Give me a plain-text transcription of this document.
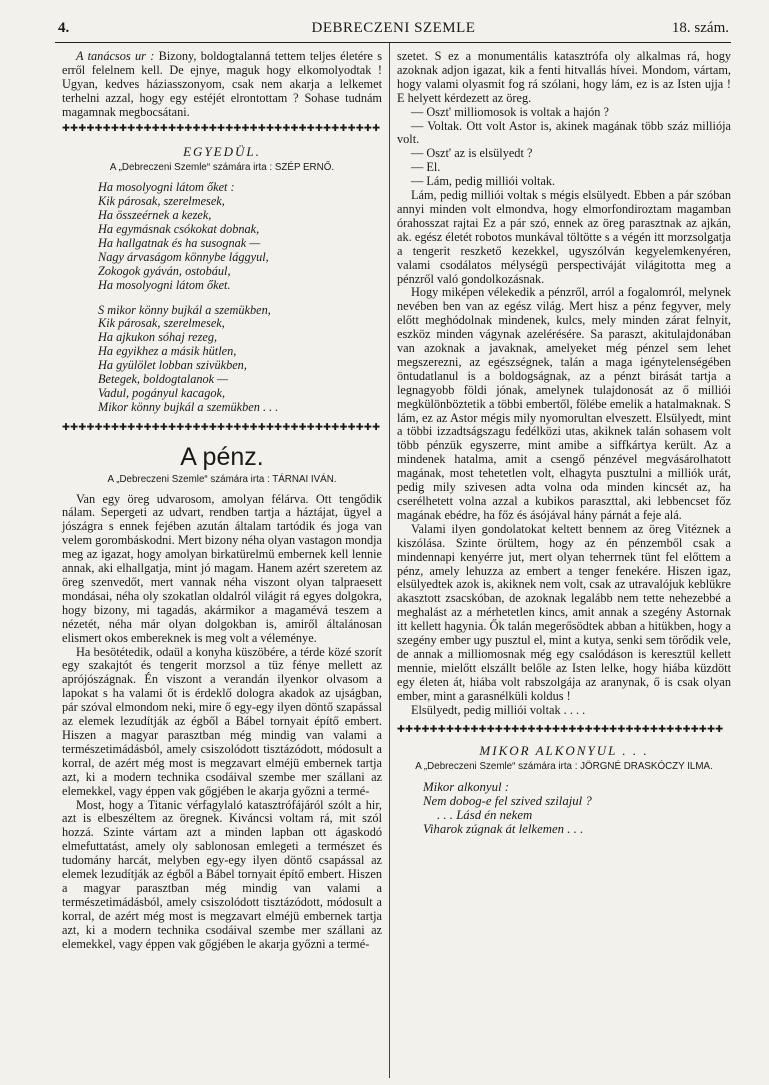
4.	DEBRECZENI SZEMLE	18. szám.

A tanácsos ur : Bizony, boldogtalanná tettem teljes életére s erről felelnem kell. De ejnye, maguk hogy elkomolyodtak ! Ugyan, kedves háziasszonyom, csak nem akarja a lelkemet terhelni azzal, hogy egy estéjét elrontottam ? Sohase tudnám magamnak megbocsátani.

✚✚✚✚✚✚✚✚✚✚✚✚✚✚✚✚✚✚✚✚✚✚✚✚✚✚✚✚✚✚✚✚✚✚✚✚✚✚✚
EGYEDÜL.
A „Debreczeni Szemle“ számára irta : SZÉP ERNŐ.
Ha mosolyogni látom őket :
Kik párosak, szerelmesek,
Ha összeérnek a kezek,
Ha egymásnak csókokat dobnak,
Ha hallgatnak és ha susognak —
Nagy árvaságom könnybe lággyul,
Zokogok gyáván, ostobául,
Ha mosolyogni látom őket.
S mikor könny bujkál a szemükben,
Kik párosak, szerelmesek,
Ha ajkukon sóhaj rezeg,
Ha egyikhez a másik hütlen,
Ha gyülölet lobban szivükben,
Betegek, boldogtalanok —
Vadul, pogányul kacagok,
Mikor könny bujkál a szemükben . . .
✚✚✚✚✚✚✚✚✚✚✚✚✚✚✚✚✚✚✚✚✚✚✚✚✚✚✚✚✚✚✚✚✚✚✚✚✚✚✚
A pénz.
A „Debreczeni Szemle“ számára irta : TÁRNAI IVÁN.

Van egy öreg udvarosom, amolyan félárva. Ott tengődik nálam. Sepergeti az udvart, rendben tartja a háztájat, ügyel a jószágra s ennek fejében azután általam tartódik és joga van velem gorombáskodni. Mert bizony néha olyan vastagon mondja meg az igazat, hogy amolyan birkatürelmü embernek kell lennie annak, aki elhallgatja, mint jó magam. Hanem azért szeretem az öreg szenvedőt, mert vannak néha viszont olyan talpraesett mondásai, néha oly szokatlan oldalról világit rá egyes dolgokra, hogy bizony, mi tagadás, akármikor a magamévá teszem a nézetét, néha már olyan dolgokban is, amiről általánosan elismert okos embereknek is meg volt a véleménye.

Ha besötétedik, odaül a konyha küszöbére, a térde közé szorít egy szakajtót és tengerit morzsol a tüz fénye mellett az aprójószágnak. Én viszont a verandán ilyenkor olvasom a lapokat s ha valami őt is érdeklő dologra akadok az ujságban, pár szóval elmondom neki, mire ő egy-egy ilyen döntő szapással az elemek lezudítják az égből a Bábel tornyait építő embert. Hiszen a magyar parasztban még mindig van valami a természetimádásból, amely csiszolódott tisztázódott, módosult a korral, de azért még most is megzavart elméjü embernek tartja azt, ki a modern technika csodáival szembe mer szállani az elemekkel, vagy éppen vak gőgjében le akarja győzni a termé-

Most, hogy a Titanic vérfagylaló katasztrófájáról szólt a hir, azt is elbeszéltem az öregnek. Kiváncsi voltam rá, mit szól hozzá. Szinte vártam azt a minden lapban ott ágaskodó elmefuttatást, amely oly sablonosan emlegeti a természet és tudomány harcát, melyben egy-egy ilyen döntő csapással az elemek lezudítják az égből a Bábel tornyait építő embert. Hiszen a magyar parasztban még mindig van valami a természetimádásból, amely csiszolódott tisztázódott, módosult a korral, de azért még most is megzavart elméjü embernek tartja azt, ki a modern technika csodáival szembe mer szállani az elemekkel, vagy éppen vak gőgjében le akarja győzni a termé-

szetet. S ez a monumentális katasztrófa oly alkalmas rá, hogy azoknak adjon igazat, kik a fenti hitvallás hívei. Mondom, vártam, hogy valami olyasmit fog rá szólani, hogy lám, ez is az Isten ujja ! E helyett kérdezett az öreg.

— Oszt' milliomosok is voltak a hajón ?

— Voltak. Ott volt Astor is, akinek magának több száz milliója volt.

— Oszt' az is elsülyedt ?

— El.

— Lám, pedig milliói voltak.

Lám, pedig milliói voltak s mégis elsülyedt. Ebben a pár szóban annyi minden volt elmondva, hogy elmorfondiroztam magamban órahosszat rajtai Ez a pár szó, ennek az öreg parasztnak az ajkán, ak. egész életét robotos munkával töltötte s a végén itt morzsolgatja a tengerit reszkető kezekkel, ugyszólván kegyelemkenyéren, valami csodálatos mélységü perspectiváját világitotta meg a pénzről való gondolkozásnak.

Hogy miképen vélekedik a pénzről, arról a fogalomról, melynek nevében ben van az egész világ. Mert hisz a pénz fegyver, mely előtt meghódolnak mindenek, kulcs, mely minden zárat felnyit, eszköz minden vágynak azelérésére. Sa paraszt, akitulajdonában van azoknak a javaknak, amelyeket még pénzel sem lehet megszerezni, az egészségnek, talán a maga igénytelenségében öntudatlanul is a boldogságnak, az a pénzt birását tartja a legnagyobb földi jónak, amelynek tulajdonosát az ő milliói megkülönböztetik a többi embertől, fölébe emelik a hatalmaknak. S lám, ez az Astor mégis mily nyomorultan elveszett. Elsülyedt, mint a többi izzadtságszagu fedélközi utas, akiknek talán sohasem volt több pénzük egyszerre, mint amibe a siffkártya került. Az a mindenek hatalma, amit a csengő pénzével megvásárolhatott magának, most tehetetlen volt, elhagyta pusztulni a milliók urát, pedig mily szivesen adta volna oda minden kincsét az, ha cserélhetett volna azzal a kubikos paraszttal, aki lebbencset főz magának ebédre, ha főz és ásójával hány párnát a feje alá.

Valami ilyen gondolatokat keltett bennem az öreg Vitéznek a kiszólása. Szinte örültem, hogy az én pénzemből csak a mindennapi kenyérre jut, mert olyan teherrnek tünt fel előttem a pénz, amely lehuzza az embert a tenger fenekére. Hiszen igaz, elsülyedtek azok is, akiknek nem volt, csak az utravalójuk keblükre akasztott zsacskóban, de azoknak legalább nem tette nehezebbé a meghalást az a mérhetetlen kincs, amit annak a szegény Astornak itt kellett hagynia. Ők talán megerősödtek abban a hitükben, hogy a szegény ember ugy pusztul el, mint a kutya, senki sem törődik vele, de annak a milliomosnak még egy csalódáson is keresztül kellett mennie, mielőtt elszállt belőle az Isten lelke, hogy hiába küzdött egy életen át, hiába volt rabszolgája az aranynak, ő is csak olyan ember, mint a garasnélküli koldus !

Elsülyedt, pedig milliói voltak . . . .

✚✚✚✚✚✚✚✚✚✚✚✚✚✚✚✚✚✚✚✚✚✚✚✚✚✚✚✚✚✚✚✚✚✚✚✚✚✚✚✚
MIKOR ALKONYUL . . .
A „Debreczeni Szemle“ számára irta : JÖRGNÉ DRASKÓCZY ILMA.
Mikor alkonyul :
Nem dobog-e fel szived szilajul ?
. . . Lásd én nekem
Viharok zúgnak át lelkemen . . .
